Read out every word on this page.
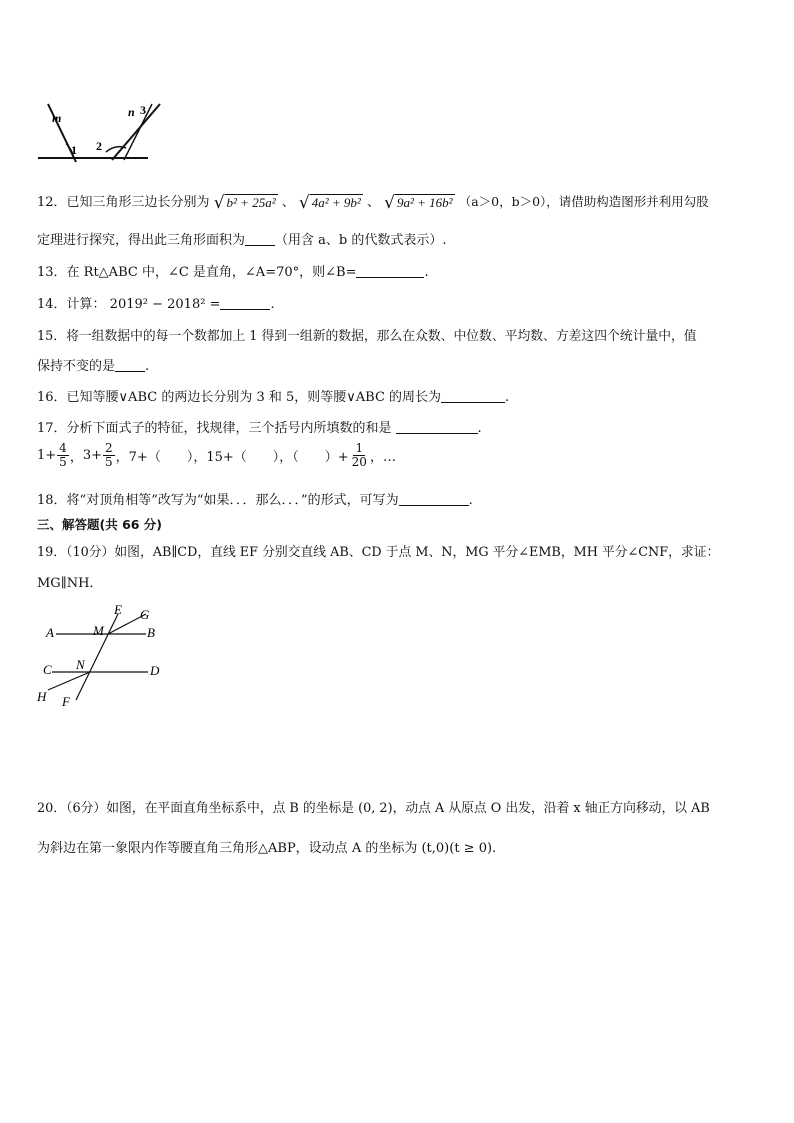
m
1 2
n 3
12．已知三角形三边长分别为 √ b² + 25a² 、 √ 4a² + 9b² 、 √ 9a² + 16b² （a＞0，b＞0），请借助构造图形并利用勾股
定理进行探究，得出此三角形面积为 （用含 a、b 的代数式表示）.
13．在 Rt△ABC 中，∠C 是直角，∠A=70°，则∠B=	.
14．计算： 2019² − 2018² =	.
15．将一组数据中的每一个数都加上 1 得到一组新的数据，那么在众数、中位数、平均数、方差这四个统计量中，值
保持不变的是 .
16．已知等腰∨ABC 的两边长分别为 3 和 5，则等腰∨ABC 的周长为	.
17．分析下面式子的特征，找规律，三个括号内所填数的和是	.
$1+ \frac{4}{5}$ ， $3+ \frac{2}{5}$ ， 7+（　　），15+（　　），（　　）+ $\frac{1}{20}$ ，…
18．将“对顶角相等”改写为“如果．．．那么．．．”的形式，可写为	.
三、解答题(共 66 分)
19．（10分）如图，AB∥CD，直线 EF 分别交直线 AB、CD 于点 M、N，MG 平分∠EMB，MH 平分∠CNF，求证：
MG∥NH．
A	B
C	D
E
F
G
H
M
N
20．（6分）如图，在平面直角坐标系中，点 B 的坐标是 (0, 2)，动点 A 从原点 O 出发，沿着 x 轴正方向移动，以 AB
为斜边在第一象限内作等腰直角三角形△ABP，设动点 A 的坐标为 (t,0)(t ≥ 0).
